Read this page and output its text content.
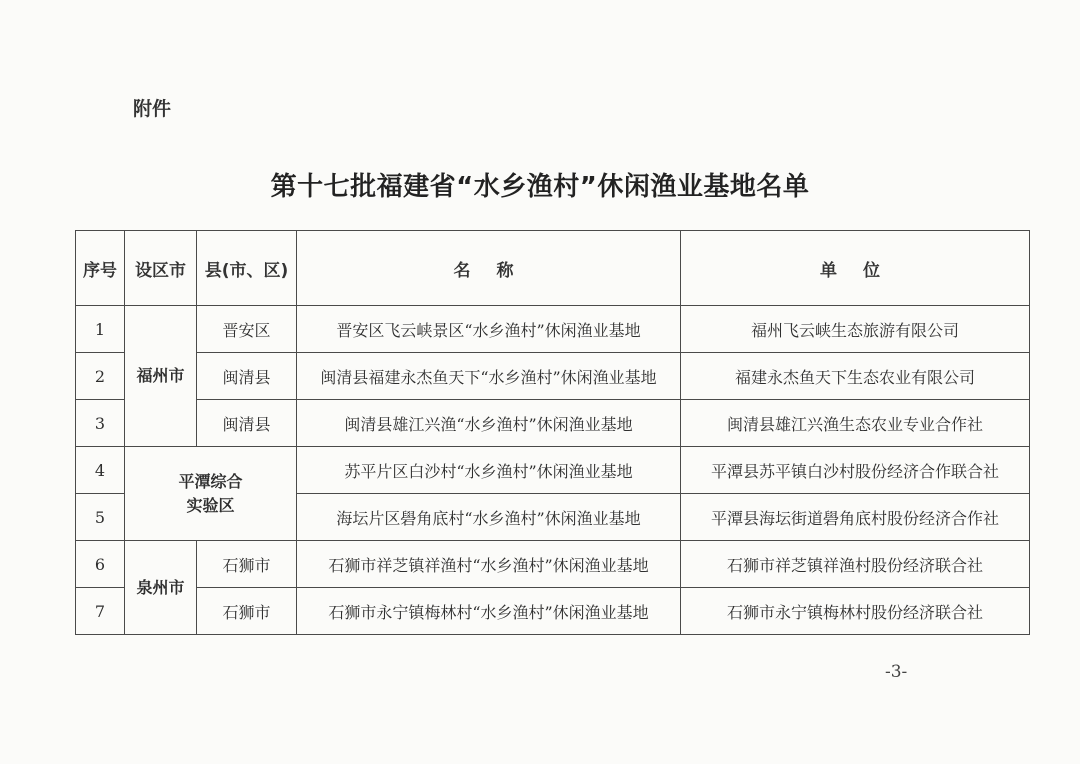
附件
第十七批福建省“水乡渔村”休闲渔业基地名单
序号	设区市	县(市、区)	名 称	单 位
1	福州市	晋安区	晋安区飞云峡景区“水乡渔村”休闲渔业基地	福州飞云峡生态旅游有限公司
2		闽清县	闽清县福建永杰鱼天下“水乡渔村”休闲渔业基地	福建永杰鱼天下生态农业有限公司
3		闽清县	闽清县雄江兴渔“水乡渔村”休闲渔业基地	闽清县雄江兴渔生态农业专业合作社
4	平潭综合
实验区		苏平片区白沙村“水乡渔村”休闲渔业基地	平潭县苏平镇白沙村股份经济合作联合社
5			海坛片区礐角底村“水乡渔村”休闲渔业基地	平潭县海坛街道礐角底村股份经济合作社
6	泉州市	石狮市	石狮市祥芝镇祥渔村“水乡渔村”休闲渔业基地	石狮市祥芝镇祥渔村股份经济联合社
7		石狮市	石狮市永宁镇梅林村“水乡渔村”休闲渔业基地	石狮市永宁镇梅林村股份经济联合社
-3-
